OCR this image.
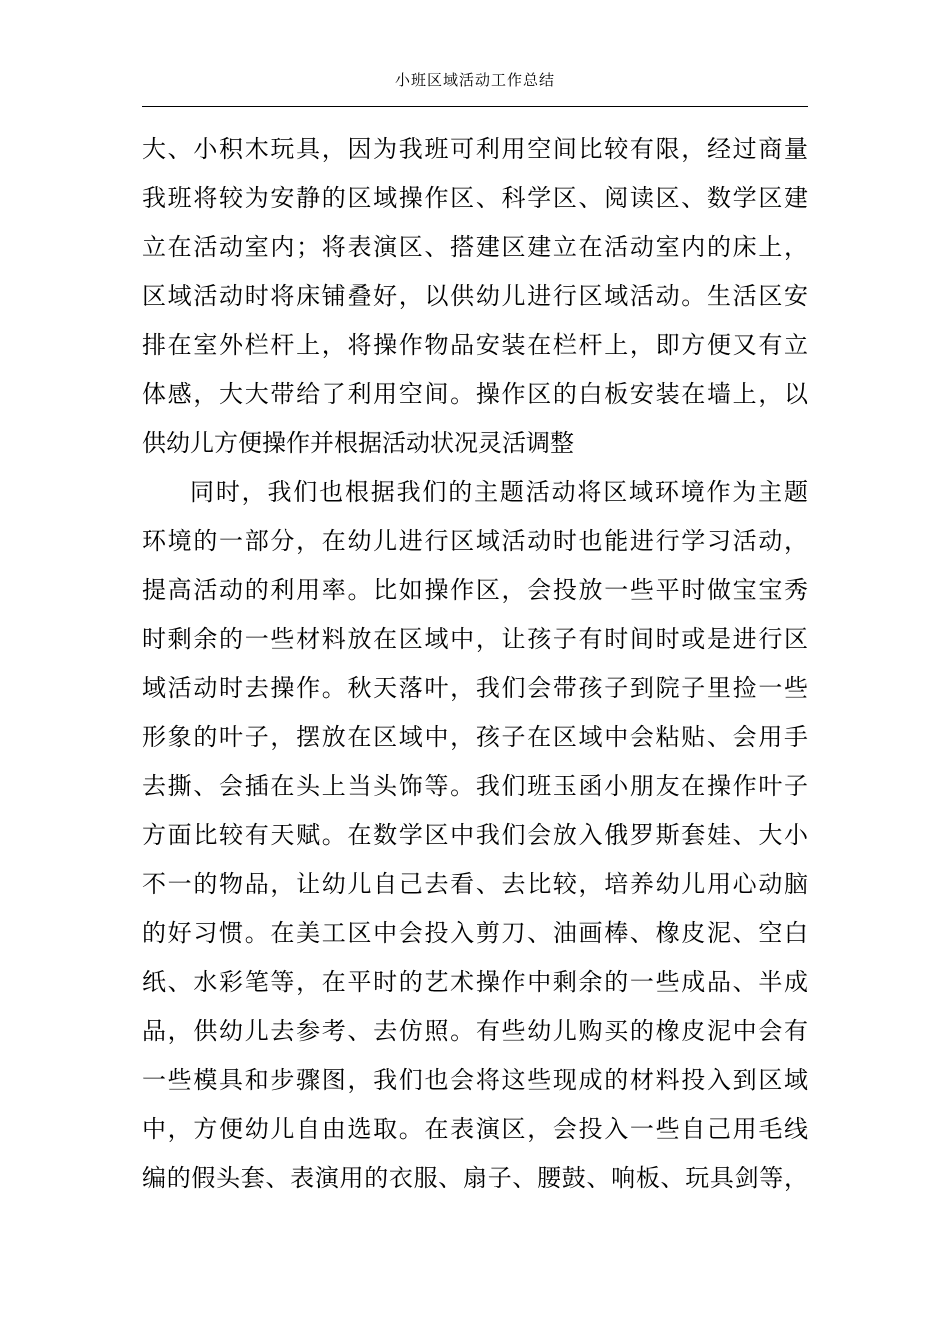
小班区域活动工作总结
大、小积木玩具，因为我班可利用空间比较有限，经过商量
我班将较为安静的区域操作区、科学区、阅读区、数学区建
立在活动室内；将表演区、搭建区建立在活动室内的床上，
区域活动时将床铺叠好，以供幼儿进行区域活动。生活区安
排在室外栏杆上，将操作物品安装在栏杆上，即方便又有立
体感，大大带给了利用空间。操作区的白板安装在墙上，以
供幼儿方便操作并根据活动状况灵活调整
同时，我们也根据我们的主题活动将区域环境作为主题
环境的一部分，在幼儿进行区域活动时也能进行学习活动，
提高活动的利用率。比如操作区，会投放一些平时做宝宝秀
时剩余的一些材料放在区域中，让孩子有时间时或是进行区
域活动时去操作。秋天落叶，我们会带孩子到院子里捡一些
形象的叶子，摆放在区域中，孩子在区域中会粘贴、会用手
去撕、会插在头上当头饰等。我们班玉函小朋友在操作叶子
方面比较有天赋。在数学区中我们会放入俄罗斯套娃、大小
不一的物品，让幼儿自己去看、去比较，培养幼儿用心动脑
的好习惯。在美工区中会投入剪刀、油画棒、橡皮泥、空白
纸、水彩笔等，在平时的艺术操作中剩余的一些成品、半成
品，供幼儿去参考、去仿照。有些幼儿购买的橡皮泥中会有
一些模具和步骤图，我们也会将这些现成的材料投入到区域
中，方便幼儿自由选取。在表演区，会投入一些自己用毛线
编的假头套、表演用的衣服、扇子、腰鼓、响板、玩具剑等，
